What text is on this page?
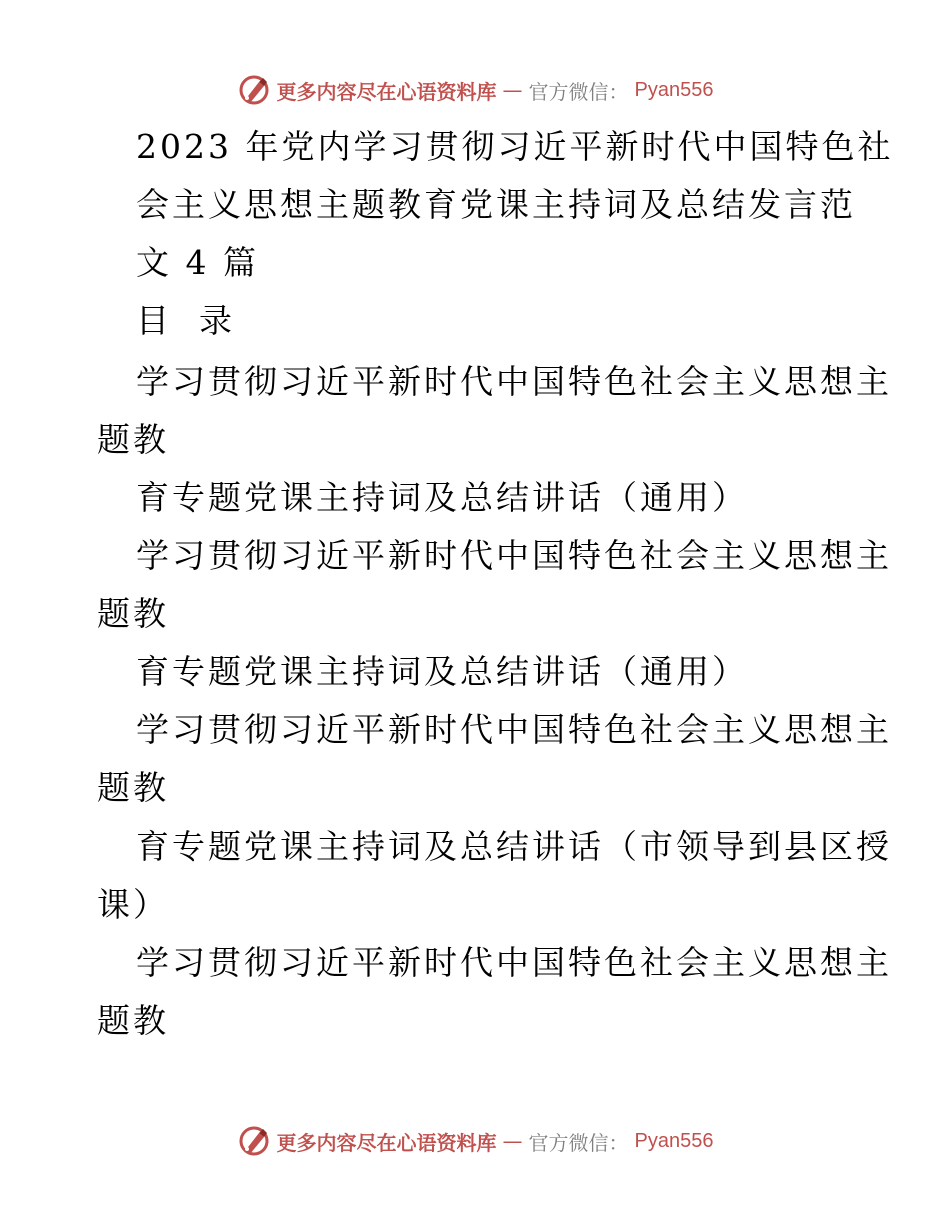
更多内容尽在心语资料库 — 官方微信： Pyan556
2023 年党内学习贯彻习近平新时代中国特色社
会主义思想主题教育党课主持词及总结发言范
文 4 篇
目  录
学习贯彻习近平新时代中国特色社会主义思想主
题教
育专题党课主持词及总结讲话（通用）
学习贯彻习近平新时代中国特色社会主义思想主
题教
育专题党课主持词及总结讲话（通用）
学习贯彻习近平新时代中国特色社会主义思想主
题教
育专题党课主持词及总结讲话（市领导到县区授
课）
学习贯彻习近平新时代中国特色社会主义思想主
题教
更多内容尽在心语资料库 — 官方微信： Pyan556
